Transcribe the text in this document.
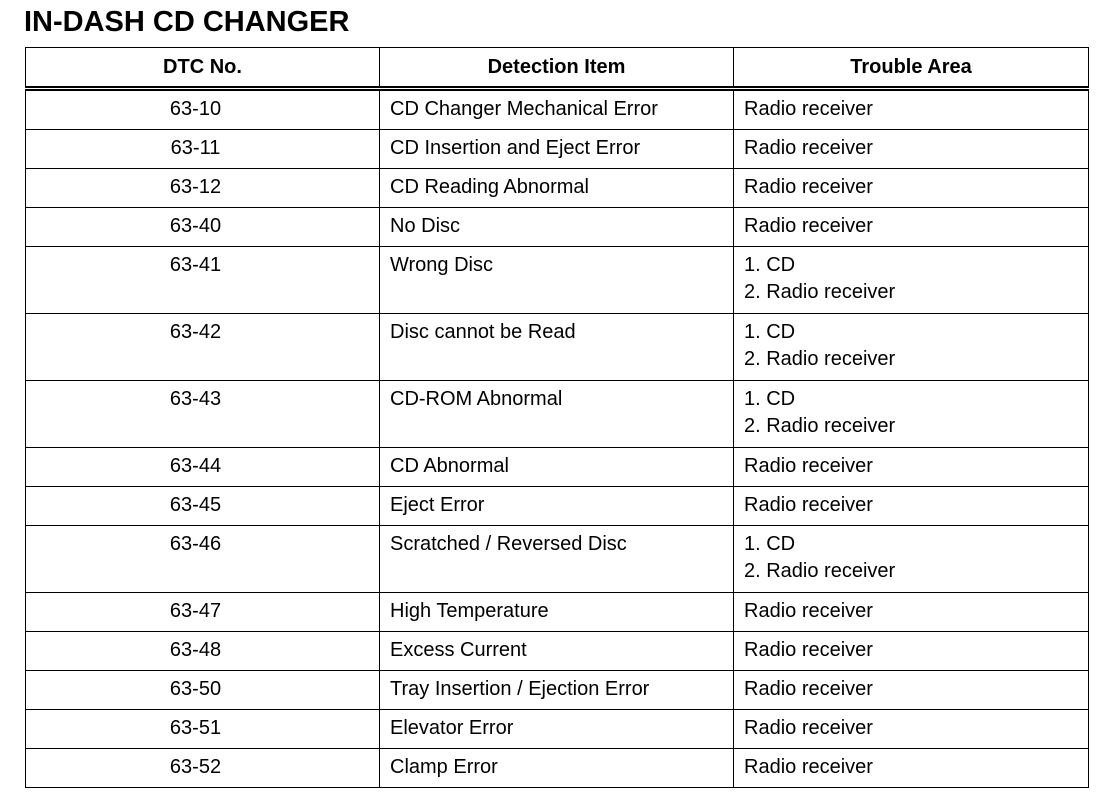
IN-DASH CD CHANGER
DTC No.	Detection Item	Trouble Area
63-10	CD Changer Mechanical Error	Radio receiver

63-11	CD Insertion and Eject Error	Radio receiver

63-12	CD Reading Abnormal	Radio receiver

63-40	No Disc	Radio receiver

63-41	Wrong Disc	1. CD
2. Radio receiver

63-42	Disc cannot be Read	1. CD
2. Radio receiver

63-43	CD-ROM Abnormal	1. CD
2. Radio receiver

63-44	CD Abnormal	Radio receiver

63-45	Eject Error	Radio receiver

63-46	Scratched / Reversed Disc	1. CD
2. Radio receiver

63-47	High Temperature	Radio receiver

63-48	Excess Current	Radio receiver

63-50	Tray Insertion / Ejection Error	Radio receiver

63-51	Elevator Error	Radio receiver

63-52	Clamp Error	Radio receiver
